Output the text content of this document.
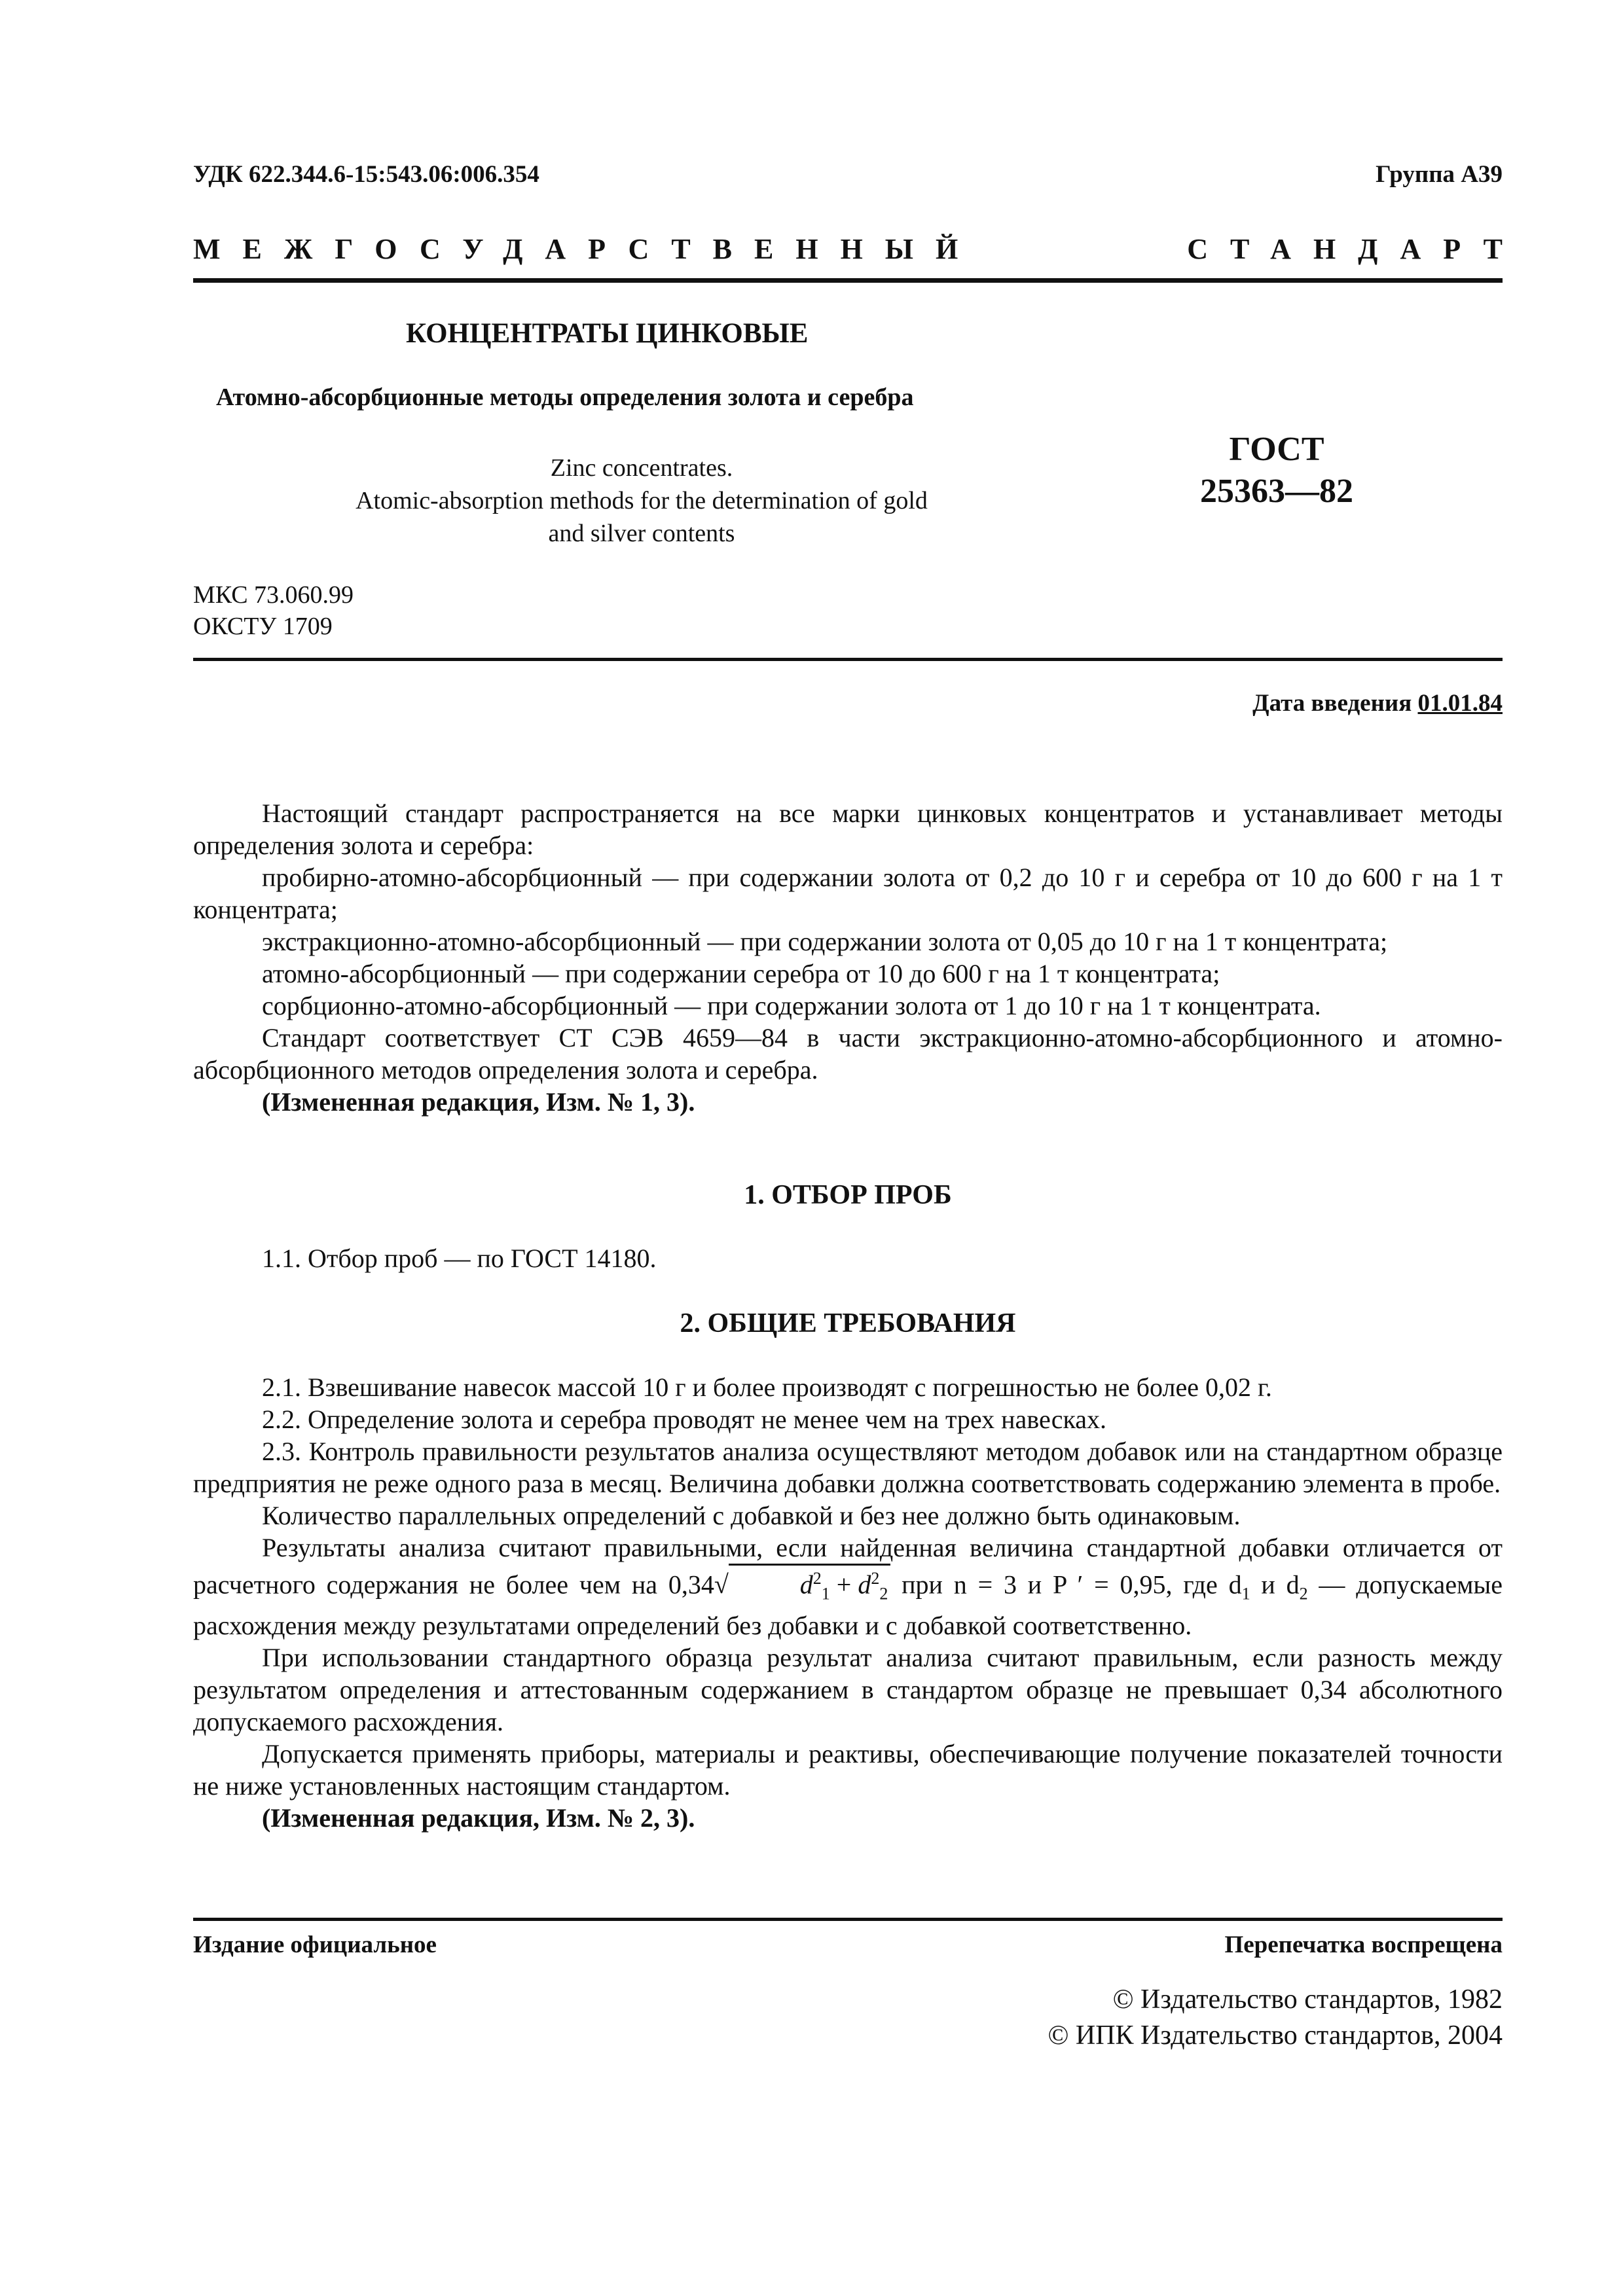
УДК 622.344.6-15:543.06:006.354	Группа А39
МЕЖГОСУДАРСТВЕННЫЙ	СТАНДАРТ
КОНЦЕНТРАТЫ ЦИНКОВЫЕ
Атомно-абсорбционные методы определения золота и серебра
Zinc concentrates.
Atomic-absorption methods for the determination of gold
and silver contents
ГОСТ
25363—82
МКС 73.060.99
ОКСТУ 1709
Дата введения 01.01.84

Настоящий стандарт распространяется на все марки цинковых концентратов и устанавливает методы определения золота и серебра:

пробирно-атомно-абсорбционный — при содержании золота от 0,2 до 10 г и серебра от 10 до 600 г на 1 т концентрата;

экстракционно-атомно-абсорбционный — при содержании золота от 0,05 до 10 г на 1 т концентрата;

атомно-абсорбционный — при содержании серебра от 10 до 600 г на 1 т концентрата;

сорбционно-атомно-абсорбционный — при содержании золота от 1 до 10 г на 1 т концентрата.

Стандарт соответствует СТ СЭВ 4659—84 в части экстракционно-атомно-абсорбционного и атомно-абсорбционного методов определения золота и серебра.

(Измененная редакция, Изм. № 1, 3).

1. ОТБОР ПРОБ

1.1. Отбор проб — по ГОСТ 14180.

2. ОБЩИЕ ТРЕБОВАНИЯ

2.1. Взвешивание навесок массой 10 г и более производят с погрешностью не более 0,02 г.

2.2. Определение золота и серебра проводят не менее чем на трех навесках.

2.3. Контроль правильности результатов анализа осуществляют методом добавок или на стандартном образце предприятия не реже одного раза в месяц. Величина добавки должна соответствовать содержанию элемента в пробе.

Количество параллельных определений с добавкой и без нее должно быть одинаковым.

Результаты анализа считают правильными, если найденная величина стандартной добавки отличается от расчетного содержания не более чем на 0,34√	$d^2_1 + d^2_2$ при n = 3 и P ′ = 0,95, где $d_1$ и $d_2$ — допускаемые расхождения между результатами определений без добавки и с добавкой соответственно.

При использовании стандартного образца результат анализа считают правильным, если разность между результатом определения и аттестованным содержанием в стандартом образце не превышает 0,34 абсолютного допускаемого расхождения.

Допускается применять приборы, материалы и реактивы, обеспечивающие получение показателей точности не ниже установленных настоящим стандартом.

(Измененная редакция, Изм. № 2, 3).

Издание официальное	Перепечатка воспрещена
© Издательство стандартов, 1982
© ИПК Издательство стандартов, 2004
